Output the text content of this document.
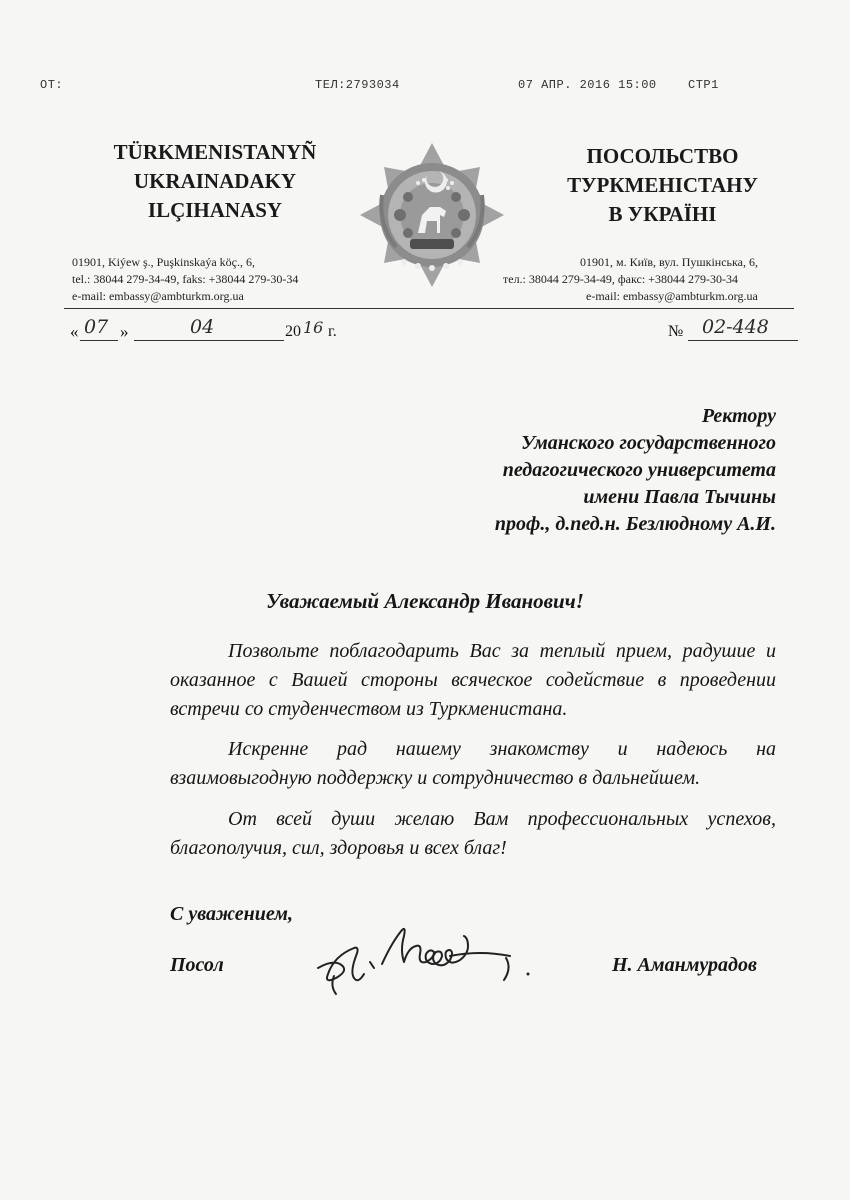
ОТ:	ТЕЛ:2793034	07 АПР. 2016 15:00	СТР1
TÜRKMENISTANYÑ
UKRAINADAKY
ILÇIHANASY
ПОСОЛЬСТВО
ТУРКМЕНІСТАНУ
В УКРАЇНІ
01901, Kiýew ş., Puşkinskaýa köç., 6,
tel.: 38044 279-34-49, faks: +38044 279-30-34
e-mail: embassy@ambturkm.org.ua
01901, м. Київ, вул. Пушкінська, 6,
тел.: 38044 279-34-49, факс: +38044 279-30-34
e-mail: embassy@ambturkm.org.ua
« 07 »	04	20 16 г.	№ 02-448
Ректору
Уманского государственного
педагогического университета
имени Павла Тычины
проф., д.пед.н. Безлюдному А.И.
Уважаемый Александр Иванович!
Позвольте поблагодарить Вас за теплый прием, радушие и оказанное с Вашей стороны всяческое содействие в проведении встречи со студенчеством из Туркменистана.
Искренне рад нашему знакомству и надеюсь на взаимовыгодную поддержку и сотрудничество в дальнейшем.
От всей души желаю Вам профессиональных успехов, благополучия, сил, здоровья и всех благ!
С уважением,
Посол	Н. Аманмурадов
